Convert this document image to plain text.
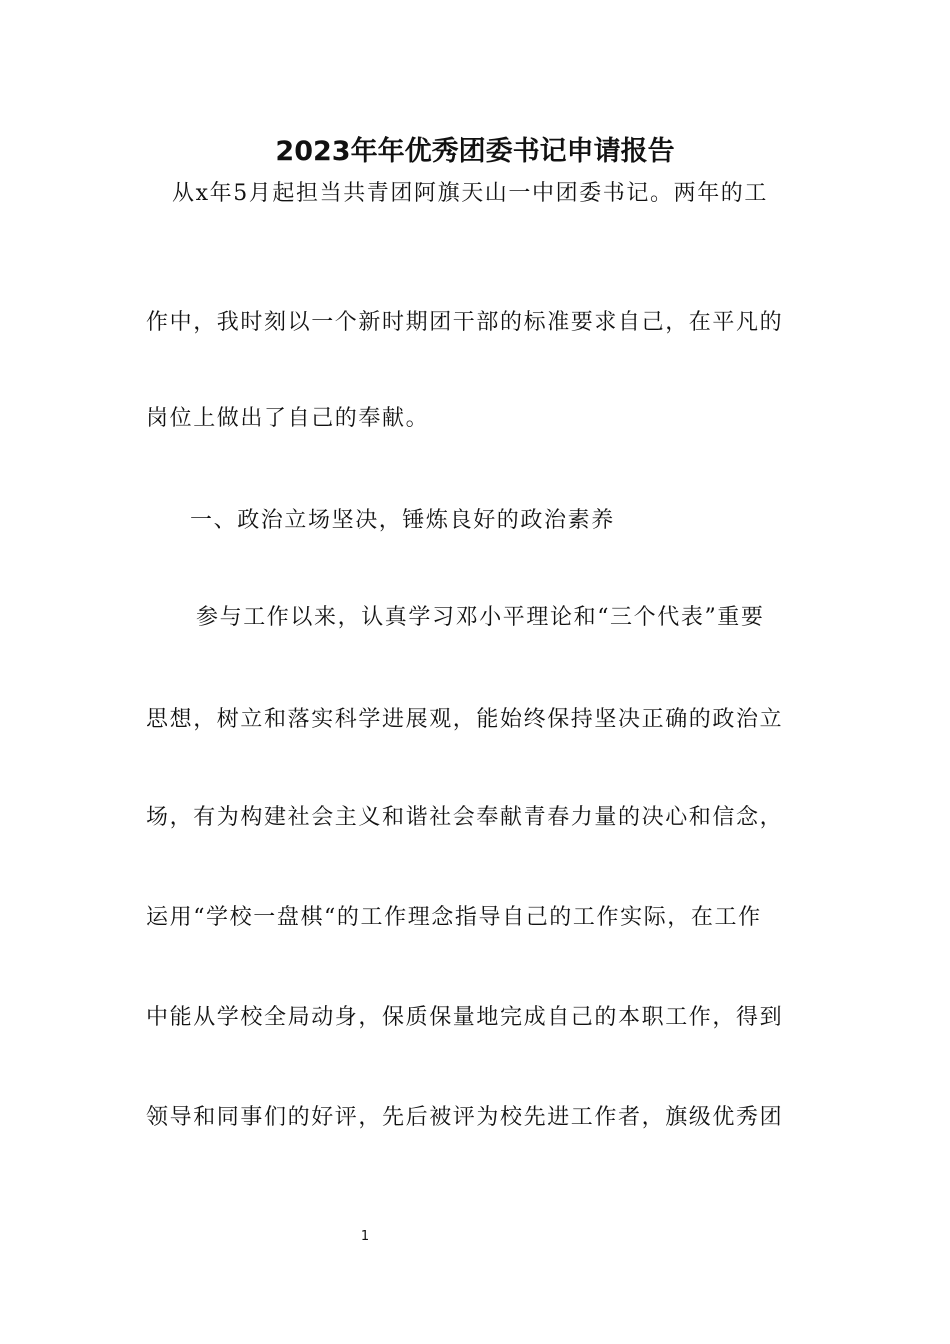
2023年年优秀团委书记申请报告
从x年5月起担当共青团阿旗天山一中团委书记。两年的工
作中，我时刻以一个新时期团干部的标准要求自己，在平凡的
岗位上做出了自己的奉献。
一、政治立场坚决，锤炼良好的政治素养
参与工作以来，认真学习邓小平理论和“三个代表”重要
思想，树立和落实科学进展观，能始终保持坚决正确的政治立
场，有为构建社会主义和谐社会奉献青春力量的决心和信念，
运用“学校一盘棋“的工作理念指导自己的工作实际，在工作
中能从学校全局动身，保质保量地完成自己的本职工作，得到
领导和同事们的好评，先后被评为校先进工作者，旗级优秀团
1
